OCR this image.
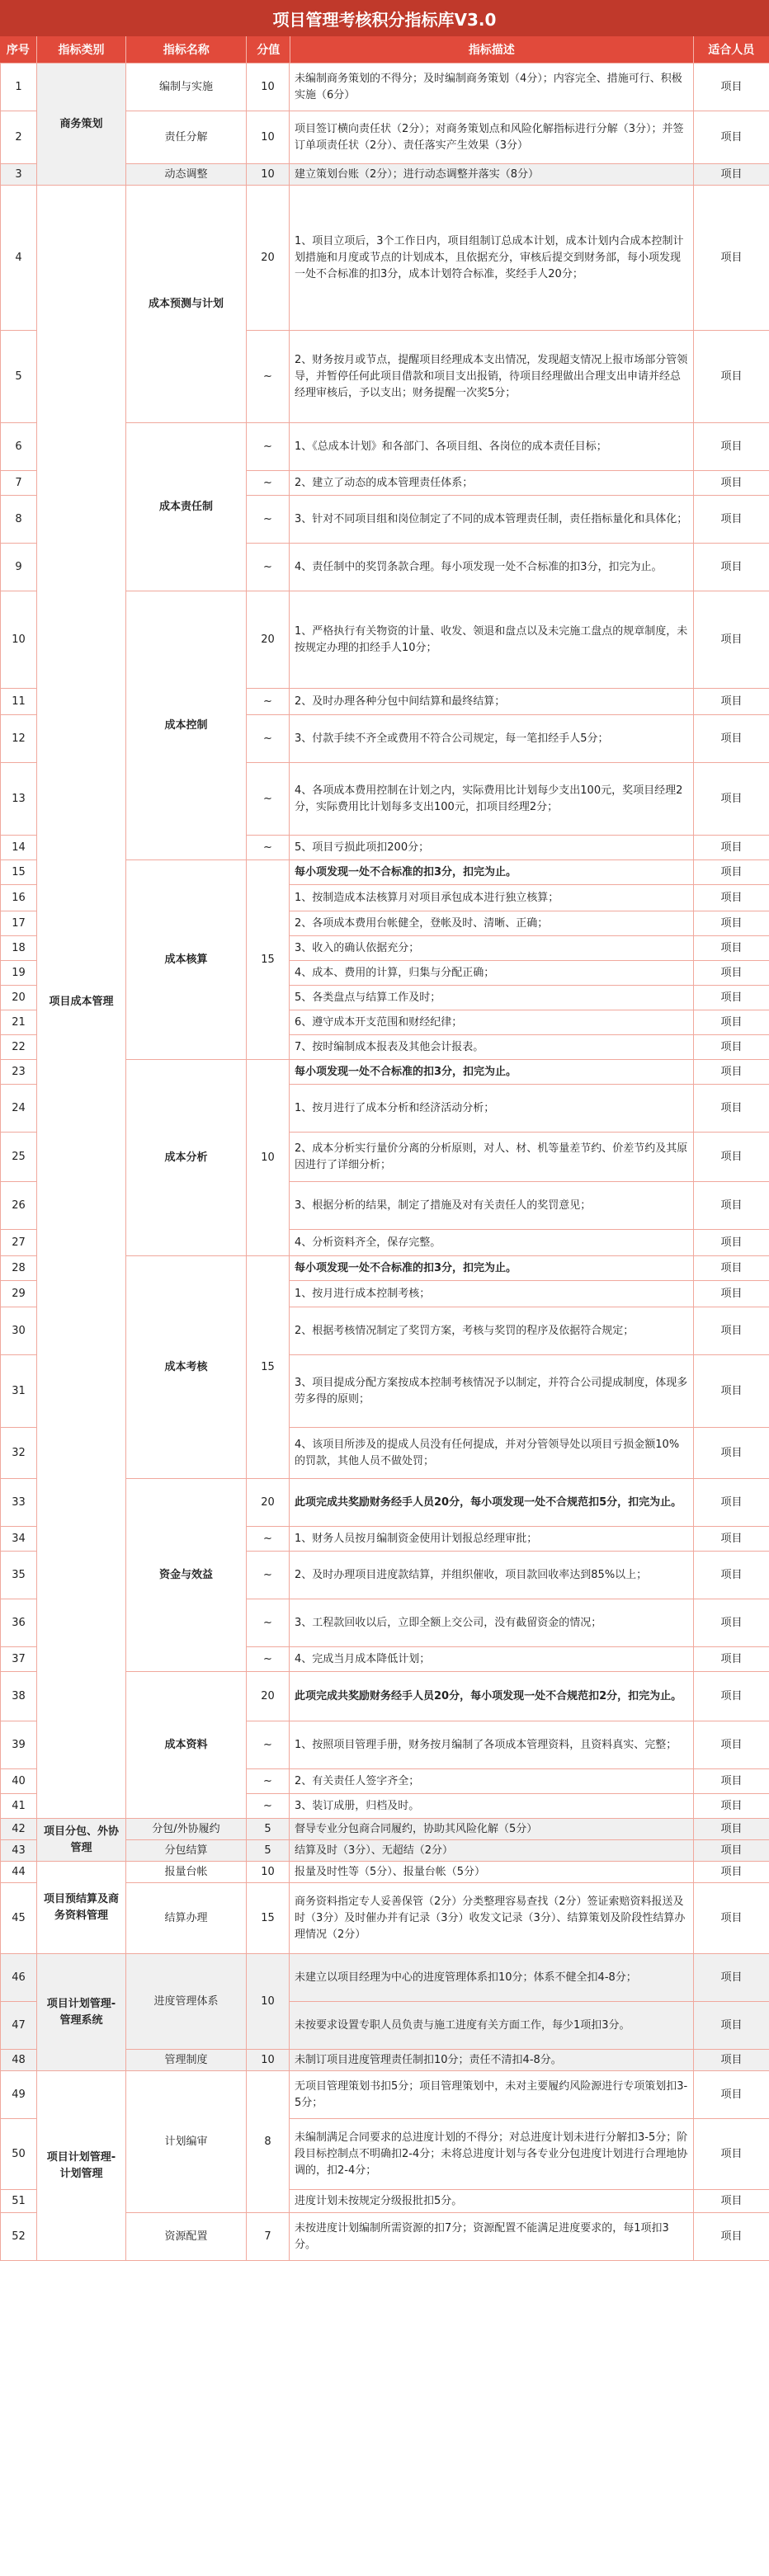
项目管理考核积分指标库V3.0
序号	指标类别	指标名称	分值	指标描述	适合人员
1	商务策划	编制与实施	10	未编制商务策划的不得分；及时编制商务策划（4分）；内容完全、措施可行、积极实施（6分）	项目
2		责任分解	10	项目签订横向责任状（2分）；对商务策划点和风险化解指标进行分解（3分）；并签订单项责任状（2分）、责任落实产生效果（3分）	项目
3		动态调整	10	建立策划台账（2分）；进行动态调整并落实（8分）	项目
4	项目成本管理	成本预测与计划	20	1、项目立项后，3个工作日内，项目组制订总成本计划，成本计划内合成本控制计划措施和月度或节点的计划成本，且依据充分，审核后提交到财务部，每小项发现一处不合标准的扣3分，成本计划符合标准，奖经手人20分；	项目
5			~	2、财务按月或节点，提醒项目经理成本支出情况，发现超支情况上报市场部分管领导，并暂停任何此项目借款和项目支出报销，待项目经理做出合理支出申请并经总经理审核后，予以支出；财务提醒一次奖5分；	项目
6		成本责任制	~	1、《总成本计划》和各部门、各项目组、各岗位的成本责任目标；	项目
7			~	2、建立了动态的成本管理责任体系；	项目
8			~	3、针对不同项目组和岗位制定了不同的成本管理责任制，责任指标量化和具体化；	项目
9			~	4、责任制中的奖罚条款合理。每小项发现一处不合标准的扣3分，扣完为止。	项目
10		成本控制	20	1、严格执行有关物资的计量、收发、领退和盘点以及未完施工盘点的规章制度，未按规定办理的扣经手人10分；	项目
11			~	2、及时办理各种分包中间结算和最终结算；	项目
12			~	3、付款手续不齐全或费用不符合公司规定，每一笔扣经手人5分；	项目
13			~	4、各项成本费用控制在计划之内，实际费用比计划每少支出100元，奖项目经理2分，实际费用比计划每多支出100元，扣项目经理2分；	项目
14			~	5、项目亏损此项扣200分；	项目
15		成本核算	15	每小项发现一处不合标准的扣3分，扣完为止。	项目
16				1、按制造成本法核算月对项目承包成本进行独立核算；	项目
17				2、各项成本费用台帐健全，登帐及时、清晰、正确；	项目
18				3、收入的确认依据充分；	项目
19				4、成本、费用的计算，归集与分配正确；	项目
20				5、各类盘点与结算工作及时；	项目
21				6、遵守成本开支范围和财经纪律；	项目
22				7、按时编制成本报表及其他会计报表。	项目
23		成本分析	10	每小项发现一处不合标准的扣3分，扣完为止。	项目
24				1、按月进行了成本分析和经济活动分析；	项目
25				2、成本分析实行量价分离的分析原则，对人、材、机等量差节约、价差节约及其原因进行了详细分析；	项目
26				3、根据分析的结果，制定了措施及对有关责任人的奖罚意见；	项目
27				4、分析资料齐全，保存完整。	项目
28		成本考核	15	每小项发现一处不合标准的扣3分，扣完为止。	项目
29				1、按月进行成本控制考核；	项目
30				2、根据考核情况制定了奖罚方案，考核与奖罚的程序及依据符合规定；	项目
31				3、项目提成分配方案按成本控制考核情况予以制定，并符合公司提成制度，体现多劳多得的原则；	项目
32				4、该项目所涉及的提成人员没有任何提成，并对分管领导处以项目亏损金额10%的罚款，其他人员不做处罚；	项目
33		资金与效益	20	此项完成共奖励财务经手人员20分，每小项发现一处不合规范扣5分，扣完为止。	项目
34			~	1、财务人员按月编制资金使用计划报总经理审批；	项目
35			~	2、及时办理项目进度款结算，并组织催收，项目款回收率达到85%以上；	项目
36			~	3、工程款回收以后，立即全额上交公司，没有截留资金的情况；	项目
37			~	4、完成当月成本降低计划；	项目
38		成本资料	20	此项完成共奖励财务经手人员20分，每小项发现一处不合规范扣2分，扣完为止。	项目
39			~	1、按照项目管理手册，财务按月编制了各项成本管理资料，且资料真实、完整；	项目
40			~	2、有关责任人签字齐全；	项目
41			~	3、装订成册，归档及时。	项目
42	项目分包、外协管理	分包/外协履约	5	督导专业分包商合同履约，协助其风险化解（5分）	项目
43		分包结算	5	结算及时（3分）、无超结（2分）	项目
44	项目预结算及商务资料管理	报量台帐	10	报量及时性等（5分）、报量台帐（5分）	项目
45		结算办理	15	商务资料指定专人妥善保管（2分）分类整理容易查找（2分）签证索赔资料报送及时（3分）及时催办并有记录（3分）收发文记录（3分）、结算策划及阶段性结算办理情况（2分）	项目
46	项目计划管理-管理系统	进度管理体系	10	未建立以项目经理为中心的进度管理体系扣10分；体系不健全扣4-8分；	项目
47				未按要求设置专职人员负责与施工进度有关方面工作，每少1项扣3分。	项目
48		管理制度	10	未制订项目进度管理责任制扣10分；责任不清扣4-8分。	项目
49	项目计划管理-计划管理	计划编审	8	无项目管理策划书扣5分；项目管理策划中，未对主要履约风险源进行专项策划扣3-5分；	项目
50				未编制满足合同要求的总进度计划的不得分；对总进度计划未进行分解扣3-5分；阶段目标控制点不明确扣2-4分；未将总进度计划与各专业分包进度计划进行合理地协调的，扣2-4分；	项目
51				进度计划未按规定分级报批扣5分。	项目
52		资源配置	7	未按进度计划编制所需资源的扣7分；资源配置不能满足进度要求的，每1项扣3分。	项目
